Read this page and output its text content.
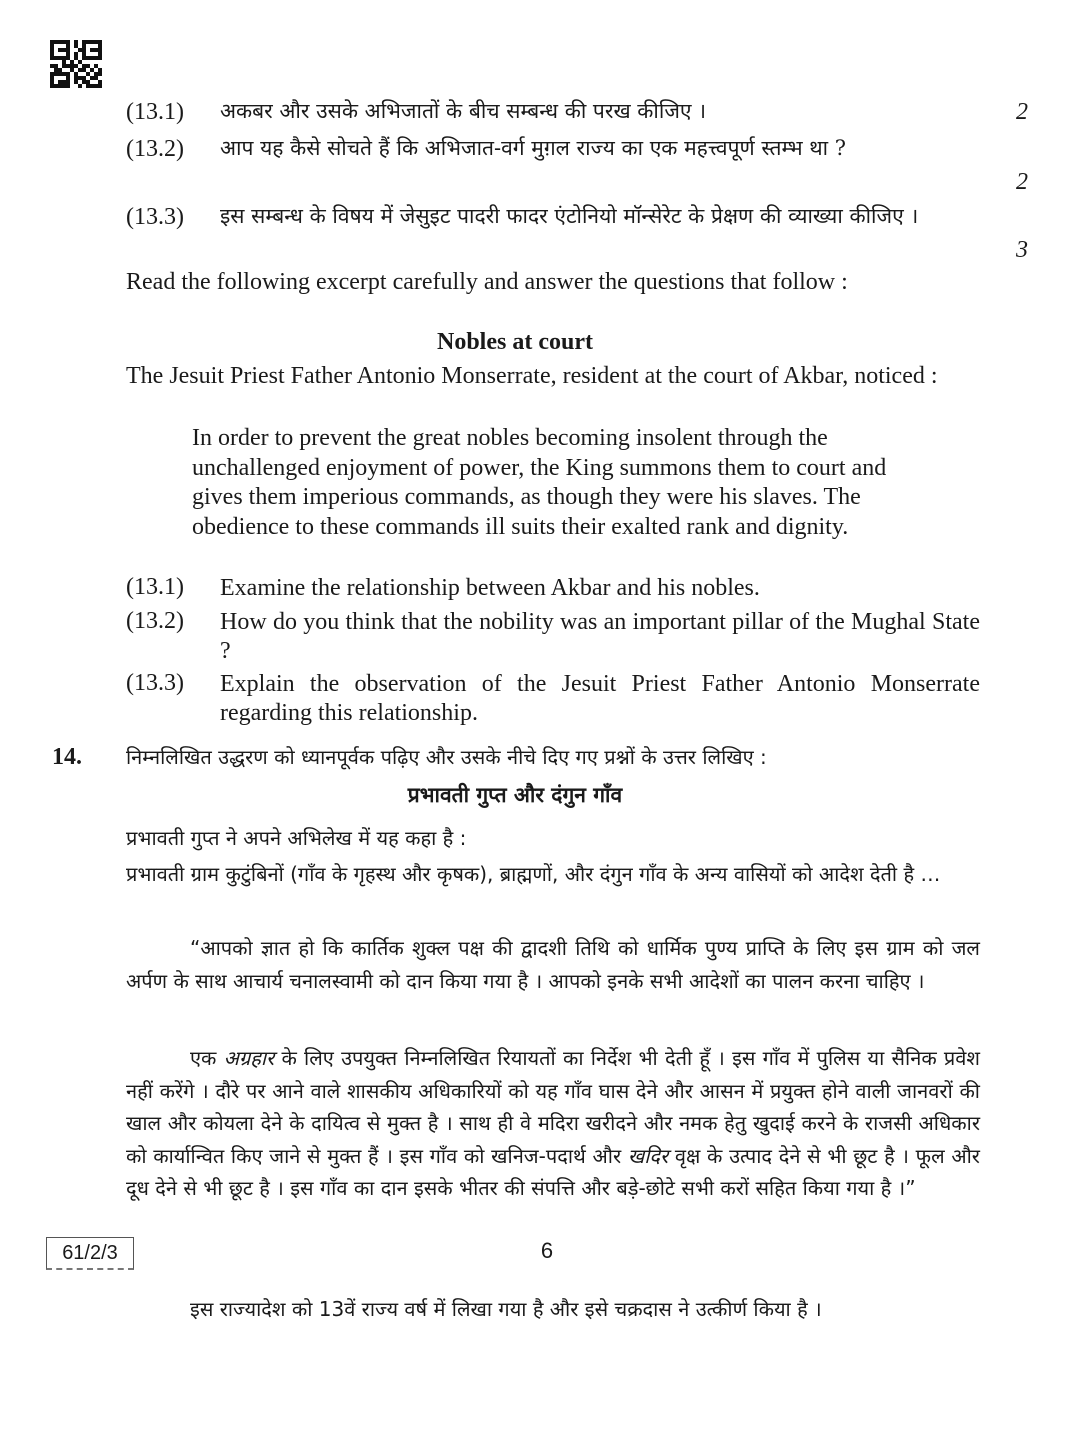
(13.1) अकबर और उसके अभिजातों के बीच सम्बन्ध की परख कीजिए ।	2
(13.2) आप यह कैसे सोचते हैं कि अभिजात-वर्ग मुग़ल राज्य का एक महत्त्वपूर्ण स्तम्भ था ?
2
(13.3) इस सम्बन्ध के विषय में जेसुइट पादरी फादर एंटोनियो मॉन्सेरेट के प्रेक्षण की व्याख्या कीजिए ।
3
Read the following excerpt carefully and answer the questions that follow :
Nobles at court
The Jesuit Priest Father Antonio Monserrate, resident at the court of Akbar, noticed :
In order to prevent the great nobles becoming insolent through the unchallenged enjoyment of power, the King summons them to court and gives them imperious commands, as though they were his slaves. The obedience to these commands ill suits their exalted rank and dignity.
(13.1) Examine the relationship between Akbar and his nobles.
(13.2) How do you think that the nobility was an important pillar of the Mughal State ?
(13.3) Explain the observation of the Jesuit Priest Father Antonio Monserrate regarding this relationship.
14. निम्नलिखित उद्धरण को ध्यानपूर्वक पढ़िए और उसके नीचे दिए गए प्रश्नों के उत्तर लिखिए :
प्रभावती गुप्त और दंगुन गाँव
प्रभावती गुप्त ने अपने अभिलेख में यह कहा है :
प्रभावती ग्राम कुटुंबिनों (गाँव के गृहस्थ और कृषक), ब्राह्मणों, और दंगुन गाँव के अन्य वासियों को आदेश देती है …
“आपको ज्ञात हो कि कार्तिक शुक्ल पक्ष की द्वादशी तिथि को धार्मिक पुण्य प्राप्ति के लिए इस ग्राम को जल अर्पण के साथ आचार्य चनालस्वामी को दान किया गया है । आपको इनके सभी आदेशों का पालन करना चाहिए ।
एक अग्रहार के लिए उपयुक्त निम्नलिखित रियायतों का निर्देश भी देती हूँ । इस गाँव में पुलिस या सैनिक प्रवेश नहीं करेंगे । दौरे पर आने वाले शासकीय अधिकारियों को यह गाँव घास देने और आसन में प्रयुक्त होने वाली जानवरों की खाल और कोयला देने के दायित्व से मुक्त है । साथ ही वे मदिरा खरीदने और नमक हेतु खुदाई करने के राजसी अधिकार को कार्यान्वित किए जाने से मुक्त हैं । इस गाँव को खनिज-पदार्थ और खदिर वृक्ष के उत्पाद देने से भी छूट है । फूल और दूध देने से भी छूट है । इस गाँव का दान इसके भीतर की संपत्ति और बड़े-छोटे सभी करों सहित किया गया है ।”
इस राज्यादेश को 13वें राज्य वर्ष में लिखा गया है और इसे चक्रदास ने उत्कीर्ण किया है ।
61/2/3	6
